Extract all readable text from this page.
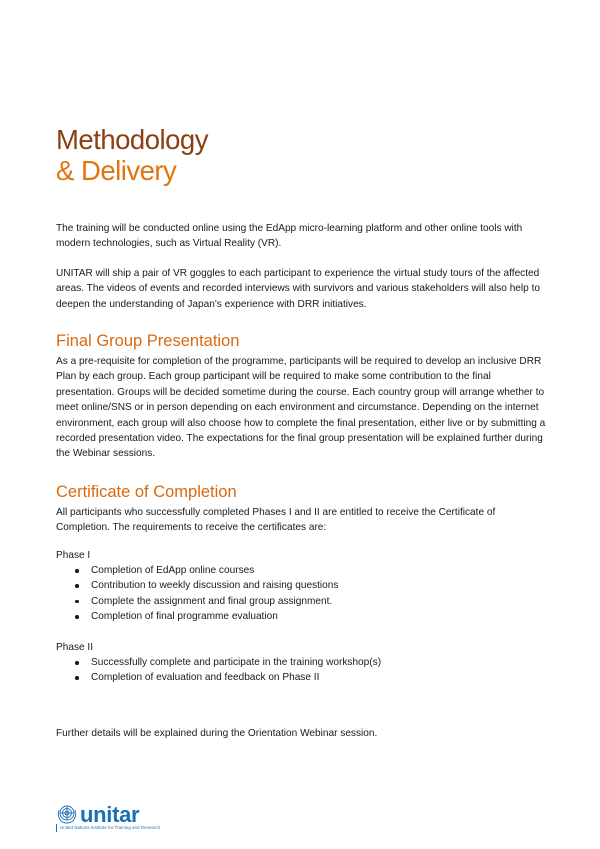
Methodology
& Delivery

The training will be conducted online using the EdApp micro-learning platform and other online tools with modern technologies, such as Virtual Reality (VR).

UNITAR will ship a pair of VR goggles to each participant to experience the virtual study tours of the affected areas. The videos of events and recorded interviews with survivors and various stakeholders will also help to deepen the understanding of Japan's experience with DRR initiatives.

Final Group Presentation

As a pre-requisite for completion of the programme, participants will be required to develop an inclusive DRR Plan by each group. Each group participant will be required to make some contribution to the final presentation. Groups will be decided sometime during the course. Each country group will arrange whether to meet online/SNS or in person depending on each environment and circumstance. Depending on the internet environment, each group will also choose how to complete the final presentation, either live or by submitting a recorded presentation video. The expectations for the final group presentation will be explained further during the Webinar sessions.

Certificate of Completion

All participants who successfully completed Phases I and II are entitled to receive the Certificate of Completion. The requirements to receive the certificates are:

Phase I
Completion of EdApp online courses
Contribution to weekly discussion and raising questions
Complete the assignment and final group assignment.
Completion of final programme evaluation
Phase II
Successfully complete and participate in the training workshop(s)
Completion of evaluation and feedback on Phase II

Further details will be explained during the Orientation Webinar session.

unitar
United Nations Institute for Training and Research
